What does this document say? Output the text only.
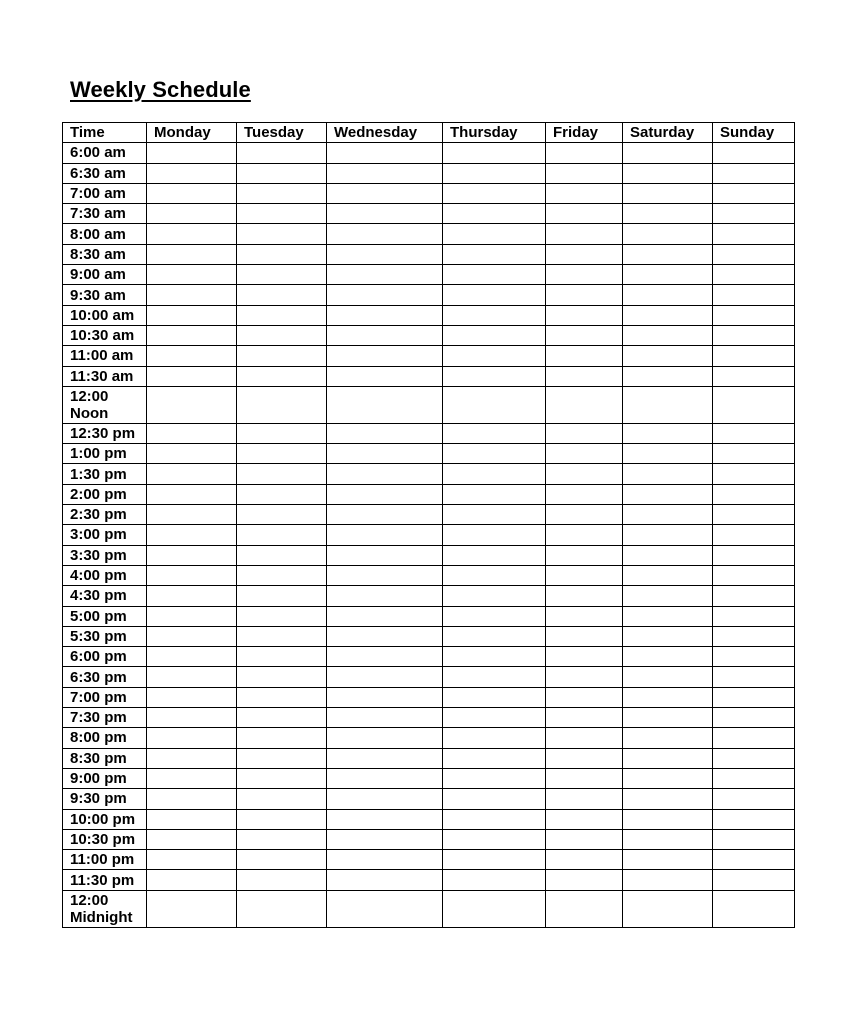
Weekly Schedule
Time	Monday	Tuesday	Wednesday	Thursday	Friday	Saturday	Sunday
6:00 am							
6:30 am							
7:00 am							
7:30 am							
8:00 am							
8:30 am							
9:00 am							
9:30 am							
10:00 am							
10:30 am							
11:00 am							
11:30 am							
12:00 Noon							
12:30 pm							
1:00 pm							
1:30 pm							
2:00 pm							
2:30 pm							
3:00 pm							
3:30 pm							
4:00 pm							
4:30 pm							
5:00 pm							
5:30 pm							
6:00 pm							
6:30 pm							
7:00 pm							
7:30 pm							
8:00 pm							
8:30 pm							
9:00 pm							
9:30 pm							
10:00 pm							
10:30 pm							
11:00 pm							
11:30 pm							
12:00 Midnight							
